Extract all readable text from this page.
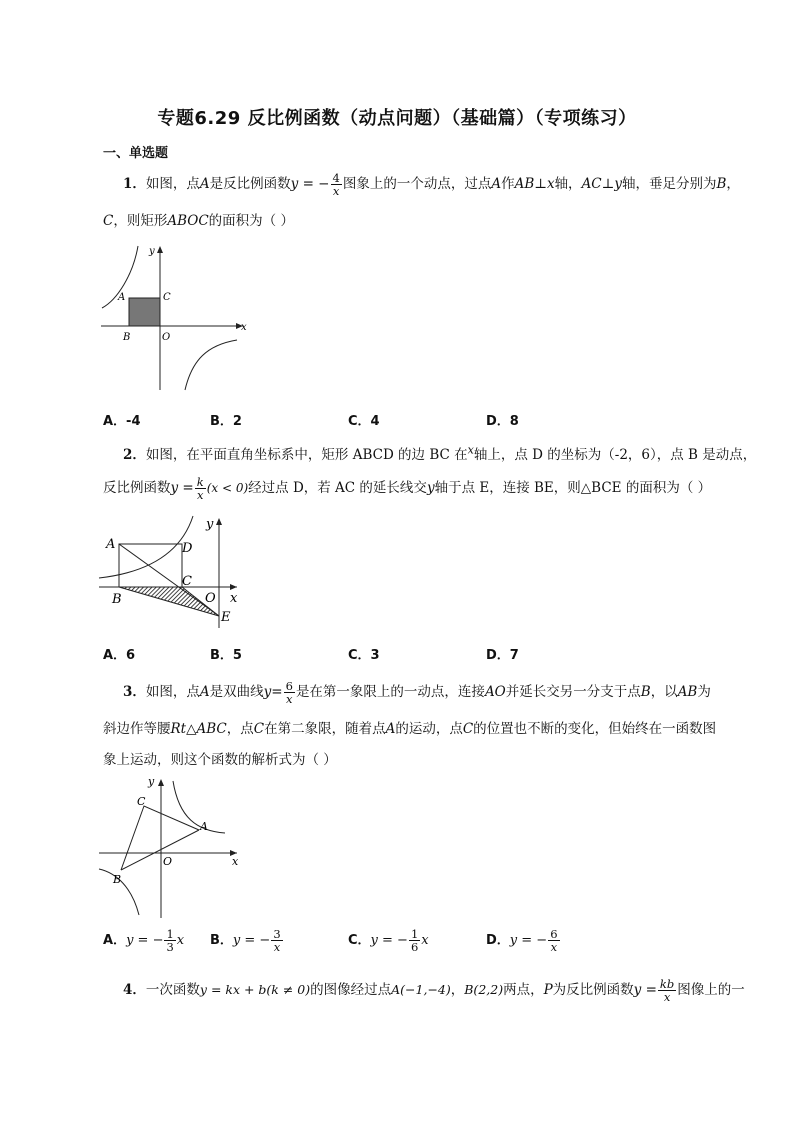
专题6.29 反比例函数（动点问题）（基础篇）（专项练习）
一、单选题
1．如图，点A是反比例函数y = − $\frac{4}{x}$ 图象上的一个动点，过点A作AB⊥x轴，AC⊥y轴，垂足分别为B，
C，则矩形ABOC的面积为（ ）
y
A	C
B	O
x
A．-4	B．2	C．4	D．8
2．如图，在平面直角坐标系中，矩形 ABCD 的边 BC 在$^x$轴上，点 D 的坐标为（-2，6），点 B 是动点，
反比例函数$y = \frac{k}{x} (x < 0)$经过点 D，若 AC 的延长线交y轴于点 E，连接 BE，则△BCE 的面积为（ ）
y
A	D
C
B	O x
E
A．6	B．5	C．3	D．7
3．如图，点A是双曲线$y= \frac{6}{x}$ 是在第一象限上的一动点，连接AO并延长交另一分支于点B，以AB为
斜边作等腰Rt△ABC，点C在第二象限，随着点A的运动，点C的位置也不断的变化，但始终在一函数图
象上运动，则这个函数的解析式为（ ）
y
C
A
O	x
B
A．y = − $\frac{1}{3}$ x B．y = − $\frac{3}{x}$	C．y = − $\frac{1}{6}$ x	D．y = − $\frac{6}{x}$
4．一次函数y = kx + b(k ≠ 0)的图像经过点A(−1,−4)，B(2,2)两点，P为反比例函数$y = \frac{kb}{x}$ 图像上的一
